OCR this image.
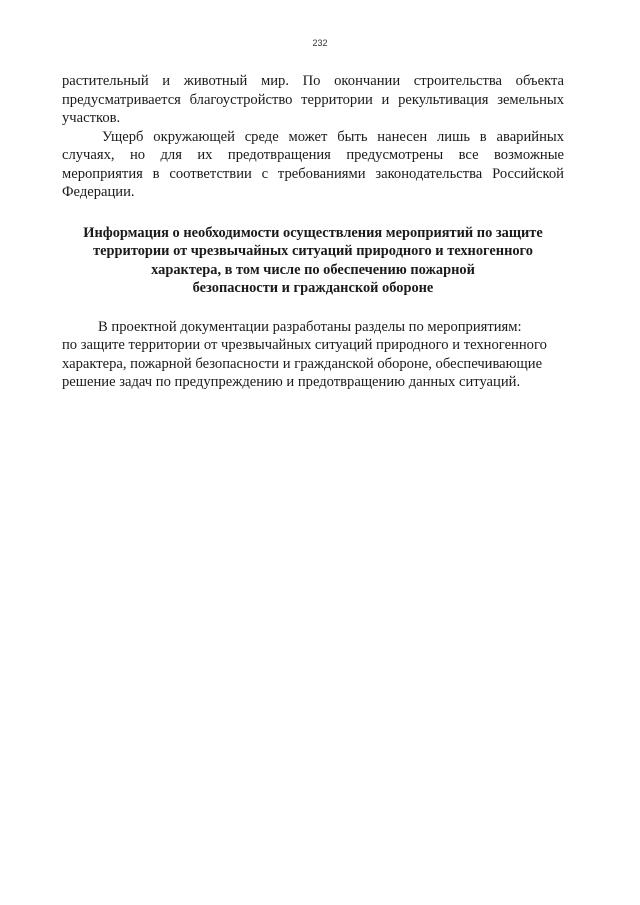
232

растительный и животный мир. По окончании строительства объекта предусматривается благоустройство территории и рекультивация земельных участков.

Ущерб окружающей среде может быть нанесен лишь в аварийных случаях, но для их предотвращения предусмотрены все возможные мероприятия в соответствии с требованиями законодательства Российской Федерации.

Информация о необходимости осуществления мероприятий по защите
территории от чрезвычайных ситуаций природного и техногенного
характера, в том числе по обеспечению пожарной
безопасности и гражданской обороне
В проектной документации разработаны разделы по мероприятиям:
по защите территории от чрезвычайных ситуаций природного и техногенного
характера, пожарной безопасности и гражданской обороне, обеспечивающие
решение задач по предупреждению и предотвращению данных ситуаций.
